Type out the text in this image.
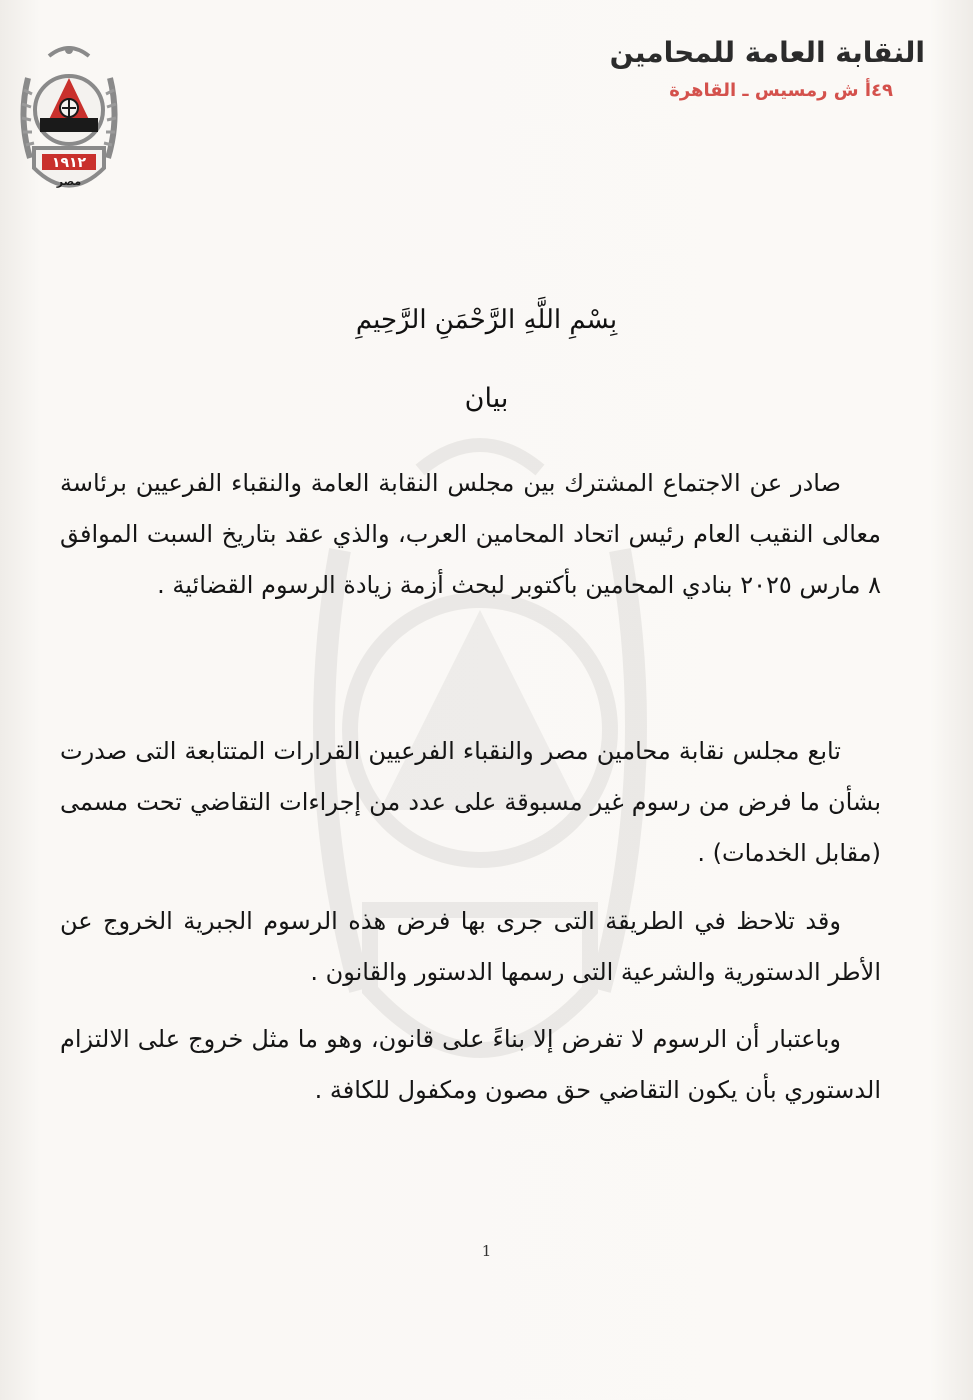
١٩١٢
مصر
النقابة العامة للمحامين
٤٩أ ش رمسيس ـ القاهرة
بِسْمِ اللَّهِ الرَّحْمَنِ الرَّحِيمِ
بيان
صادر عن الاجتماع المشترك بين مجلس النقابة العامة والنقباء الفرعيين برئاسة معالى النقيب العام رئيس اتحاد المحامين العرب، والذي عقد بتاريخ السبت الموافق ٨ مارس ٢٠٢٥ بنادي المحامين بأكتوبر لبحث أزمة زيادة الرسوم القضائية .
تابع مجلس نقابة محامين مصر والنقباء الفرعيين القرارات المتتابعة التى صدرت بشأن ما فرض من رسوم غير مسبوقة على عدد من إجراءات التقاضي تحت مسمى (مقابل الخدمات) .
وقد تلاحظ في الطريقة التى جرى بها فرض هذه الرسوم الجبرية الخروج عن الأطر الدستورية والشرعية التى رسمها الدستور والقانون .
وباعتبار أن الرسوم لا تفرض إلا بناءً على قانون، وهو ما مثل خروج على الالتزام الدستوري بأن يكون التقاضي حق مصون ومكفول للكافة .
1
